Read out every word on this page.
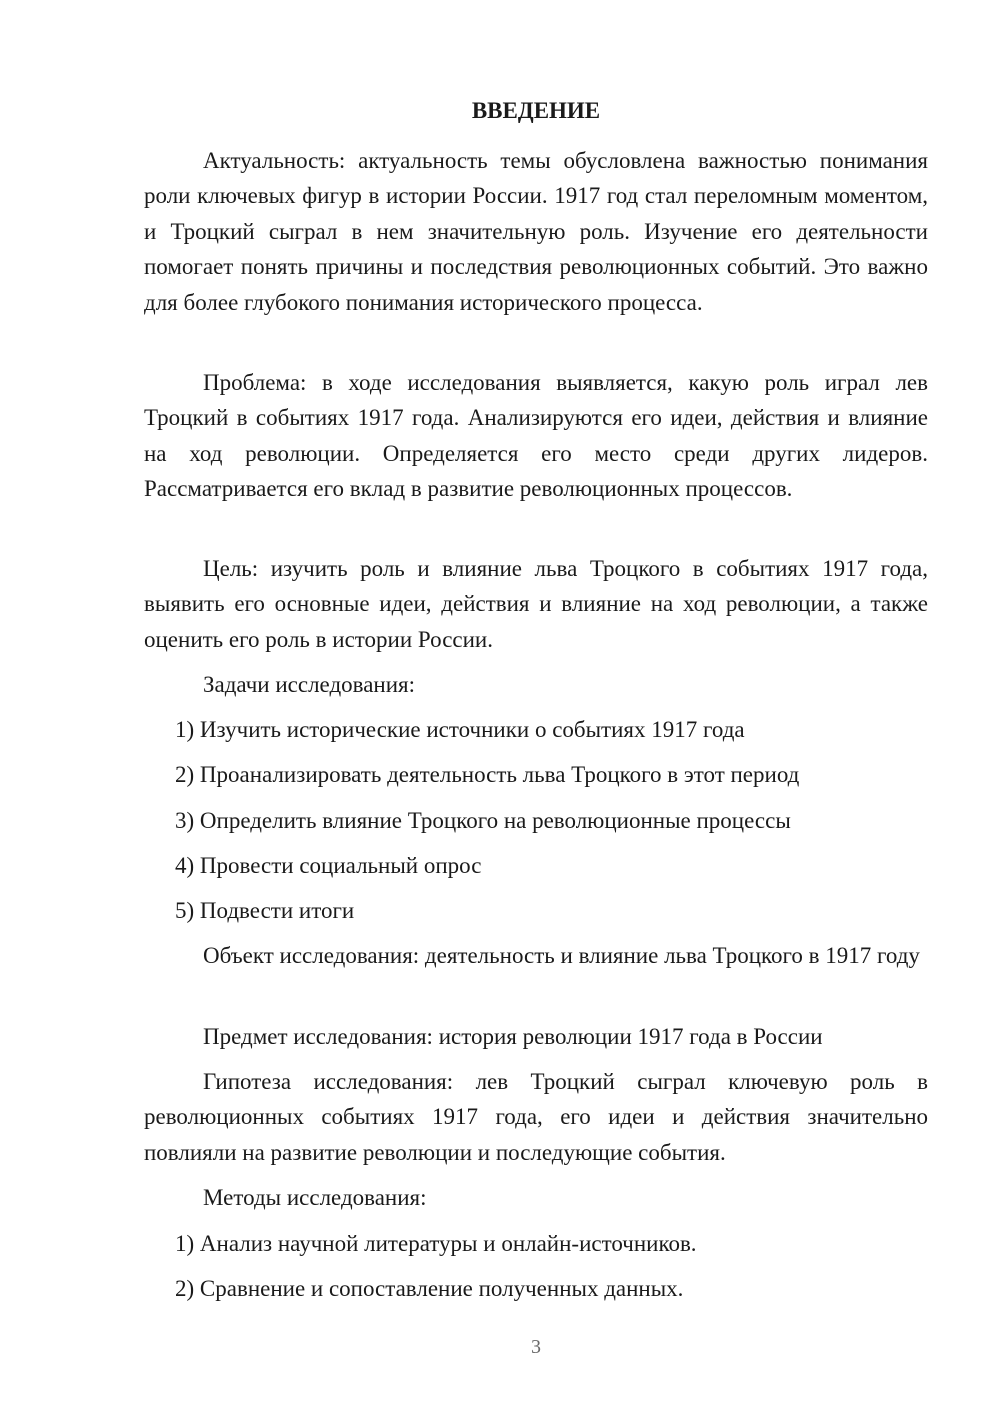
ВВЕДЕНИЕ
Актуальность: актуальность темы обусловлена важностью понимания роли ключевых фигур в истории России. 1917 год стал переломным моментом, и Троцкий сыграл в нем значительную роль. Изучение его деятельности помогает понять причины и последствия революционных событий. Это важно для более глубокого понимания исторического процесса.
Проблема: в ходе исследования выявляется, какую роль играл лев Троцкий в событиях 1917 года. Анализируются его идеи, действия и влияние на ход революции. Определяется его место среди других лидеров. Рассматривается его вклад в развитие революционных процессов.
Цель: изучить роль и влияние льва Троцкого в событиях 1917 года, выявить его основные идеи, действия и влияние на ход революции, а также оценить его роль в истории России.
Задачи исследования:
1) Изучить исторические источники о событиях 1917 года
2) Проанализировать деятельность льва Троцкого в этот период
3) Определить влияние Троцкого на революционные процессы
4) Провести социальный опрос
5) Подвести итоги
Объект исследования: деятельность и влияние льва Троцкого в 1917 году
Предмет исследования: история революции 1917 года в России
Гипотеза исследования: лев Троцкий сыграл ключевую роль в революционных событиях 1917 года, его идеи и действия значительно повлияли на развитие революции и последующие события.
Методы исследования:
1) Анализ научной литературы и онлайн-источников.
2) Сравнение и сопоставление полученных данных.
3
